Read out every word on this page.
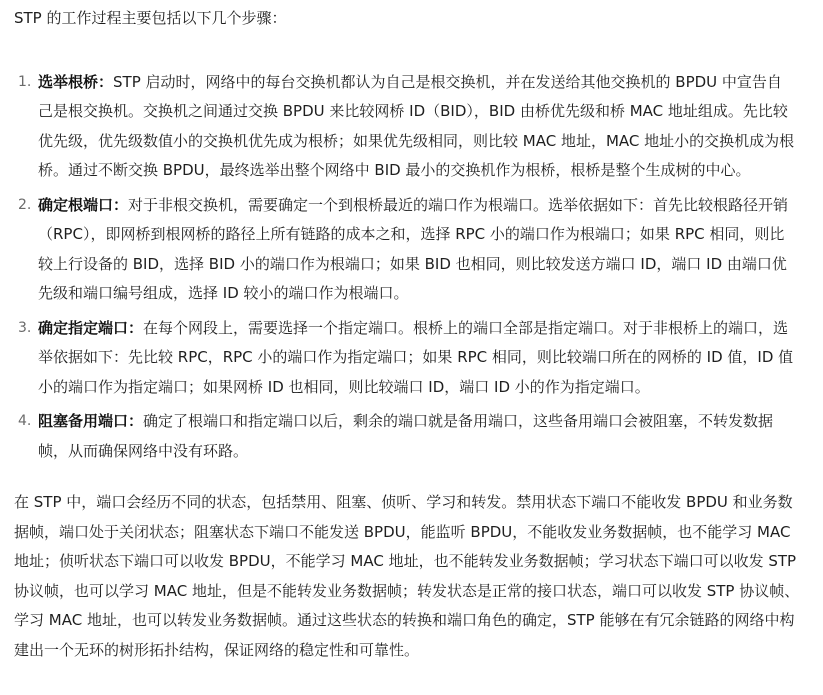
STP 的工作过程主要包括以下几个步骤：

1. 选举根桥：STP 启动时，网络中的每台交换机都认为自己是根交换机，并在发送给其他交换机的 BPDU 中宣告自己是根交换机。交换机之间通过交换 BPDU 来比较网桥 ID（BID），BID 由桥优先级和桥 MAC 地址组成。先比较优先级，优先级数值小的交换机优先成为根桥；如果优先级相同，则比较 MAC 地址，MAC 地址小的交换机成为根桥。通过不断交换 BPDU，最终选举出整个网络中 BID 最小的交换机作为根桥，根桥是整个生成树的中心。
2. 确定根端口：对于非根交换机，需要确定一个到根桥最近的端口作为根端口。选举依据如下：首先比较根路径开销（RPC），即网桥到根网桥的路径上所有链路的成本之和，选择 RPC 小的端口作为根端口；如果 RPC 相同，则比较上行设备的 BID，选择 BID 小的端口作为根端口；如果 BID 也相同，则比较发送方端口 ID，端口 ID 由端口优先级和端口编号组成，选择 ID 较小的端口作为根端口。
3. 确定指定端口：在每个网段上，需要选择一个指定端口。根桥上的端口全部是指定端口。对于非根桥上的端口，选举依据如下：先比较 RPC，RPC 小的端口作为指定端口；如果 RPC 相同，则比较端口所在的网桥的 ID 值，ID 值小的端口作为指定端口；如果网桥 ID 也相同，则比较端口 ID，端口 ID 小的作为指定端口。
4. 阻塞备用端口：确定了根端口和指定端口以后，剩余的端口就是备用端口，这些备用端口会被阻塞，不转发数据帧，从而确保网络中没有环路。

在 STP 中，端口会经历不同的状态，包括禁用、阻塞、侦听、学习和转发。禁用状态下端口不能收发 BPDU 和业务数据帧，端口处于关闭状态；阻塞状态下端口不能发送 BPDU，能监听 BPDU，不能收发业务数据帧，也不能学习 MAC 地址；侦听状态下端口可以收发 BPDU，不能学习 MAC 地址，也不能转发业务数据帧；学习状态下端口可以收发 STP 协议帧，也可以学习 MAC 地址，但是不能转发业务数据帧；转发状态是正常的接口状态，端口可以收发 STP 协议帧、学习 MAC 地址，也可以转发业务数据帧。通过这些状态的转换和端口角色的确定，STP 能够在有冗余链路的网络中构建出一个无环的树形拓扑结构，保证网络的稳定性和可靠性。
